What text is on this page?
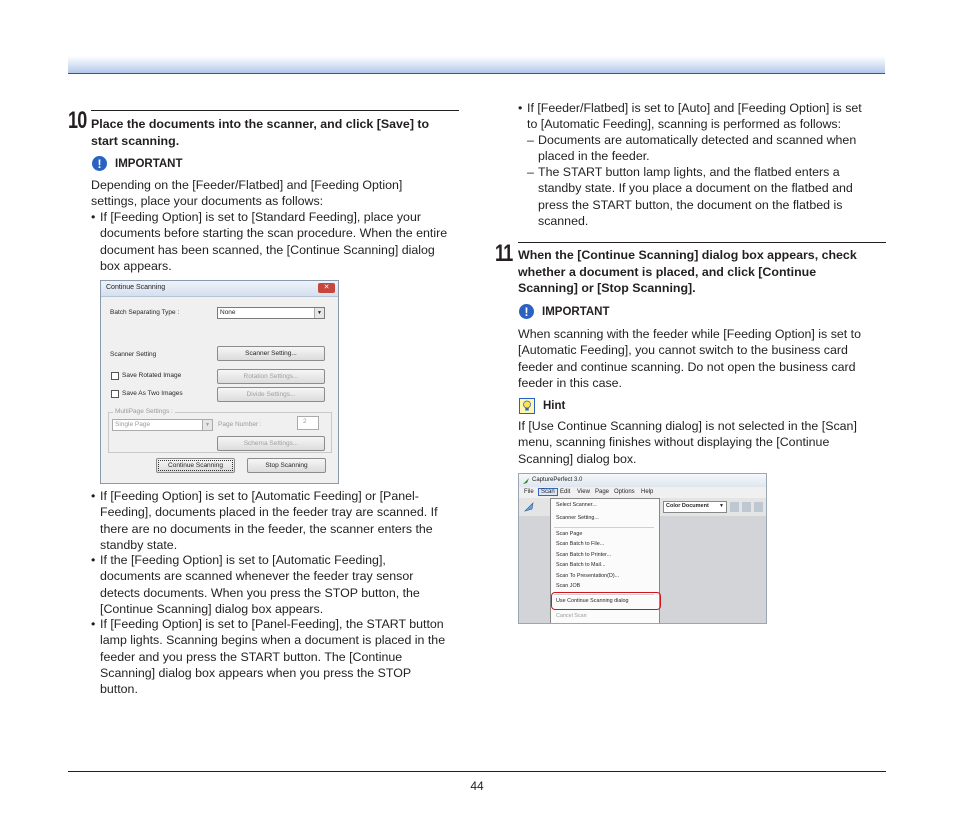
10 Place the documents into the scanner, and click [Save] to
start scanning.
!	IMPORTANT
Depending on the [Feeder/Flatbed] and [Feeding Option]
settings, place your documents as follows:
• If [Feeding Option] is set to [Standard Feeding], place your
documents before starting the scan procedure. When the entire
document has been scanned, the [Continue Scanning] dialog
box appears.
Continue Scanning	✕
Batch Separating Type :	None	▼
Scanner Setting	Scanner Setting...
Save Rotated Image	Rotation Settings...
Save As Two Images	Divide Settings...
MultiPage Settings :
Single Page	▼	Page Number :	2
Schema Settings...
Continue Scanning	Stop Scanning
• If [Feeding Option] is set to [Automatic Feeding] or [Panel-
Feeding], documents placed in the feeder tray are scanned. If
there are no documents in the feeder, the scanner enters the
standby state.
• If the [Feeding Option] is set to [Automatic Feeding],
documents are scanned whenever the feeder tray sensor
detects documents. When you press the STOP button, the
[Continue Scanning] dialog box appears.
• If [Feeding Option] is set to [Panel-Feeding], the START button
lamp lights. Scanning begins when a document is placed in the
feeder and you press the START button. The [Continue
Scanning] dialog box appears when you press the STOP
button.
• If [Feeder/Flatbed] is set to [Auto] and [Feeding Option] is set
to [Automatic Feeding], scanning is performed as follows:
– Documents are automatically detected and scanned when
placed in the feeder.
– The START button lamp lights, and the flatbed enters a
standby state. If you place a document on the flatbed and
press the START button, the document on the flatbed is
scanned.
11 When the [Continue Scanning] dialog box appears, check
whether a document is placed, and click [Continue
Scanning] or [Stop Scanning].
!	IMPORTANT
When scanning with the feeder while [Feeding Option] is set to
[Automatic Feeding], you cannot switch to the business card
feeder and continue scanning. Do not open the business card
feeder in this case.
Hint
If [Use Continue Scanning dialog] is not selected in the [Scan]
menu, scanning finishes without displaying the [Continue
Scanning] dialog box.
CapturePerfect 3.0
File	Scan Edit View Page Options Help
Color Document ▼
Select Scanner...
Scanner Setting...
Scan Page
Scan Batch to File...
Scan Batch to Printer...
Scan Batch to Mail...
Scan To Presentation(D)...
Scan JOB
Use Continue Scanning dialog
Cancel Scan
44
